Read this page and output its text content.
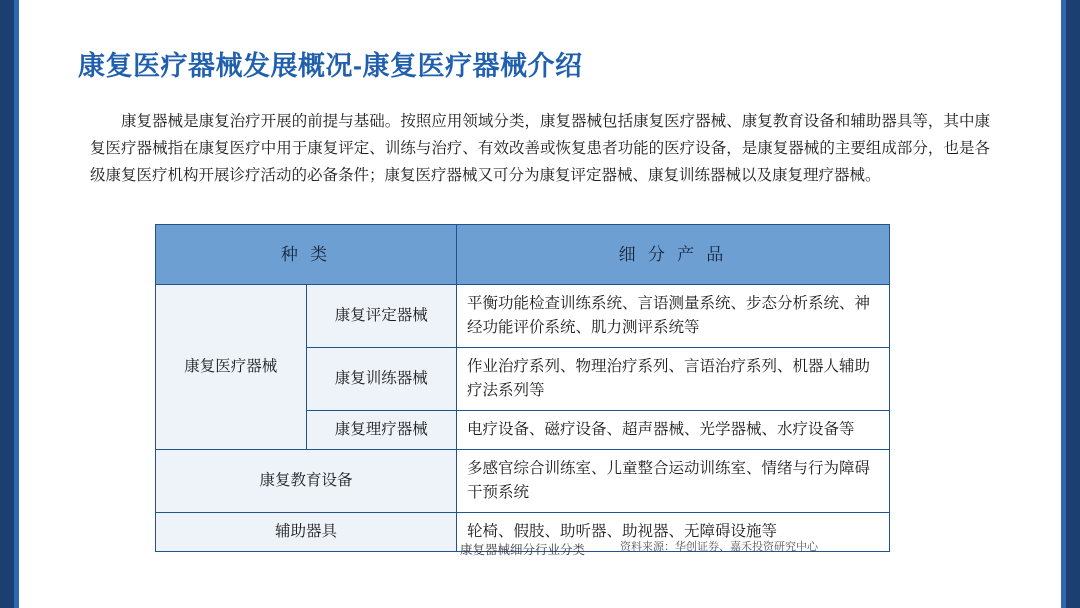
康复医疗器械发展概况-康复医疗器械介绍
康复器械是康复治疗开展的前提与基础。按照应用领域分类，康复器械包括康复医疗器械、康复教育设备和辅助器具等，其中康复医疗器械指在康复医疗中用于康复评定、训练与治疗、有效改善或恢复患者功能的医疗设备，是康复器械的主要组成部分，也是各级康复医疗机构开展诊疗活动的必备条件；康复医疗器械又可分为康复评定器械、康复训练器械以及康复理疗器械。
种 类		细 分 产 品
康复医疗器械	康复评定器械	平衡功能检查训练系统、言语测量系统、步态分析系统、神经功能评价系统、肌力测评系统等
	康复训练器械	作业治疗系列、物理治疗系列、言语治疗系列、机器人辅助疗法系列等
	康复理疗器械	电疗设备、磁疗设备、超声器械、光学器械、水疗设备等
康复教育设备		多感官综合训练室、儿童整合运动训练室、情绪与行为障碍干预系统
辅助器具		轮椅、假肢、助听器、助视器、无障碍设施等
康复器械细分行业分类	资料来源：华创证券、嘉禾投资研究中心
